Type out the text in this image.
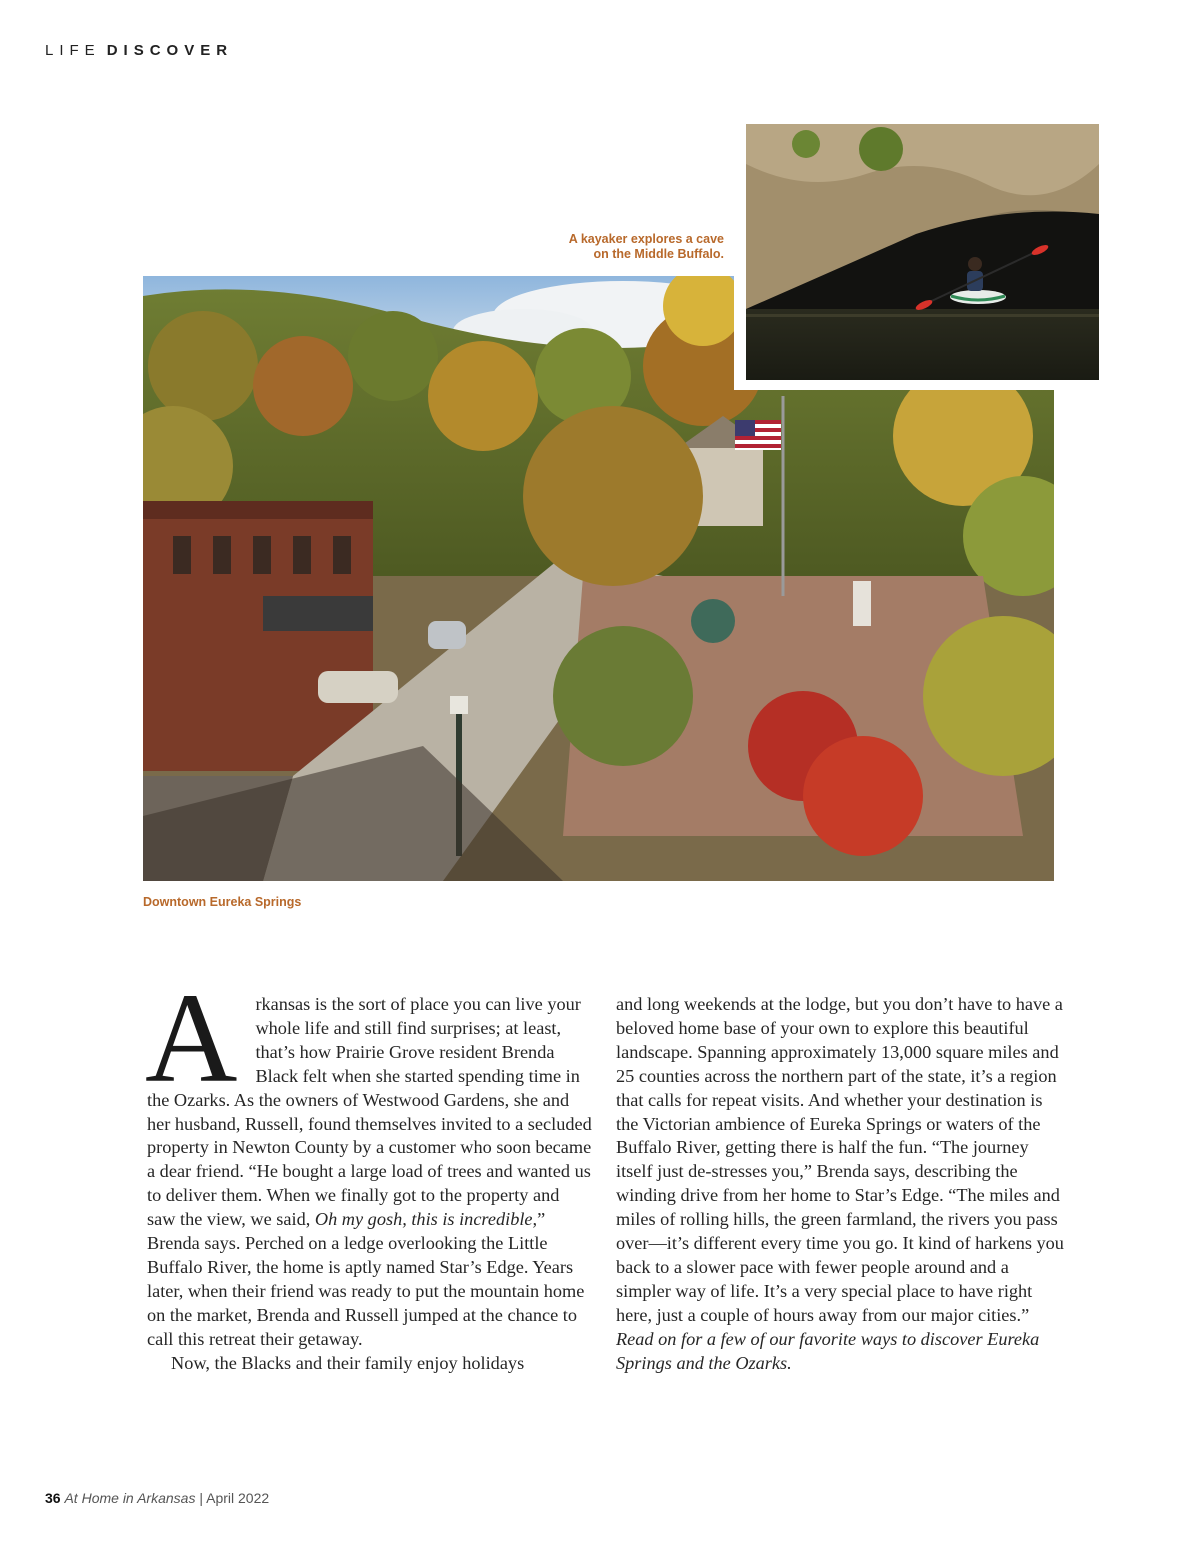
LIFE DISCOVER
A kayaker explores a cave
on the Middle Buffalo.
Downtown Eureka Springs

Arkansas is the sort of place you can live your whole life and still find surprises; at least, that’s how Prairie Grove resident Brenda Black felt when she started spending time in the Ozarks. As the owners of Westwood Gardens, she and her husband, Russell, found themselves invited to a secluded property in Newton County by a customer who soon became a dear friend. “He bought a large load of trees and wanted us to deliver them. When we finally got to the property and saw the view, we said, Oh my gosh, this is incredible,” Brenda says. Perched on a ledge overlooking the Little Buffalo River, the home is aptly named Star’s Edge. Years later, when their friend was ready to put the mountain home on the market, Brenda and Russell jumped at the chance to call this retreat their getaway.

Now, the Blacks and their family enjoy holidays

and long weekends at the lodge, but you don’t have to have a beloved home base of your own to explore this beautiful landscape. Spanning approximately 13,000 square miles and 25 counties across the northern part of the state, it’s a region that calls for repeat visits. And whether your destination is the Victorian ambience of Eureka Springs or waters of the Buffalo River, getting there is half the fun. “The journey itself just de-stresses you,” Brenda says, describing the winding drive from her home to Star’s Edge. “The miles and miles of rolling hills, the green farmland, the rivers you pass over—it’s different every time you go. It kind of harkens you back to a slower pace with fewer people around and a simpler way of life. It’s a very special place to have right here, just a couple of hours away from our major cities.” Read on for a few of our favorite ways to discover Eureka Springs and the Ozarks.

36 At Home in Arkansas | April 2022
